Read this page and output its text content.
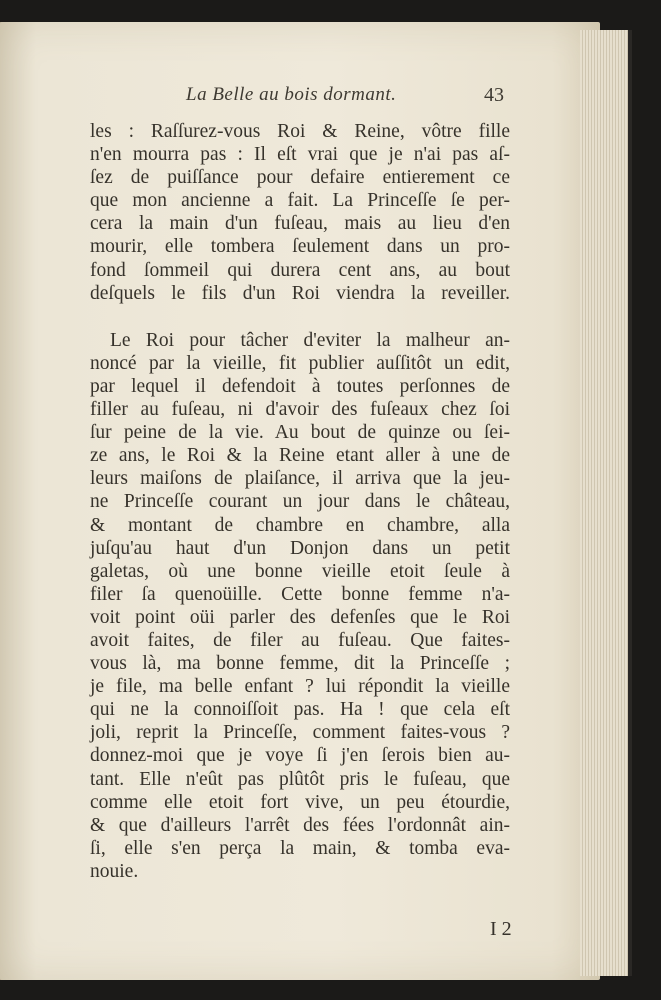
La Belle au bois dormant.	43
les : Raſſurez-vous Roi & Reine, vôtre fille
n'en mourra pas : Il eſt vrai que je n'ai pas aſ-
ſez de puiſſance pour defaire entierement ce
que mon ancienne a fait. La Princeſſe ſe per-
cera la main d'un fuſeau, mais au lieu d'en
mourir, elle tombera ſeulement dans un pro-
fond ſommeil qui durera cent ans, au bout
deſquels le fils d'un Roi viendra la reveiller.
Le Roi pour tâcher d'eviter la malheur an-
noncé par la vieille, fit publier auſſitôt un edit,
par lequel il defendoit à toutes perſonnes de
filler au fuſeau, ni d'avoir des fuſeaux chez ſoi
ſur peine de la vie. Au bout de quinze ou ſei-
ze ans, le Roi & la Reine etant aller à une de
leurs maiſons de plaiſance, il arriva que la jeu-
ne Princeſſe courant un jour dans le château,
& montant de chambre en chambre, alla
juſqu'au haut d'un Donjon dans un petit
galetas, où une bonne vieille etoit ſeule à
filer ſa quenoüille. Cette bonne femme n'a-
voit point oüi parler des defenſes que le Roi
avoit faites, de filer au fuſeau. Que faites-
vous là, ma bonne femme, dit la Princeſſe ;
je file, ma belle enfant ? lui répondit la vieille
qui ne la connoiſſoit pas. Ha ! que cela eſt
joli, reprit la Princeſſe, comment faites-vous ?
donnez-moi que je voye ſi j'en ſerois bien au-
tant. Elle n'eût pas plûtôt pris le fuſeau, que
comme elle etoit fort vive, un peu étourdie,
& que d'ailleurs l'arrêt des fées l'ordonnât ain-
ſi, elle s'en perça la main, & tomba eva-
nouie.
I 2
